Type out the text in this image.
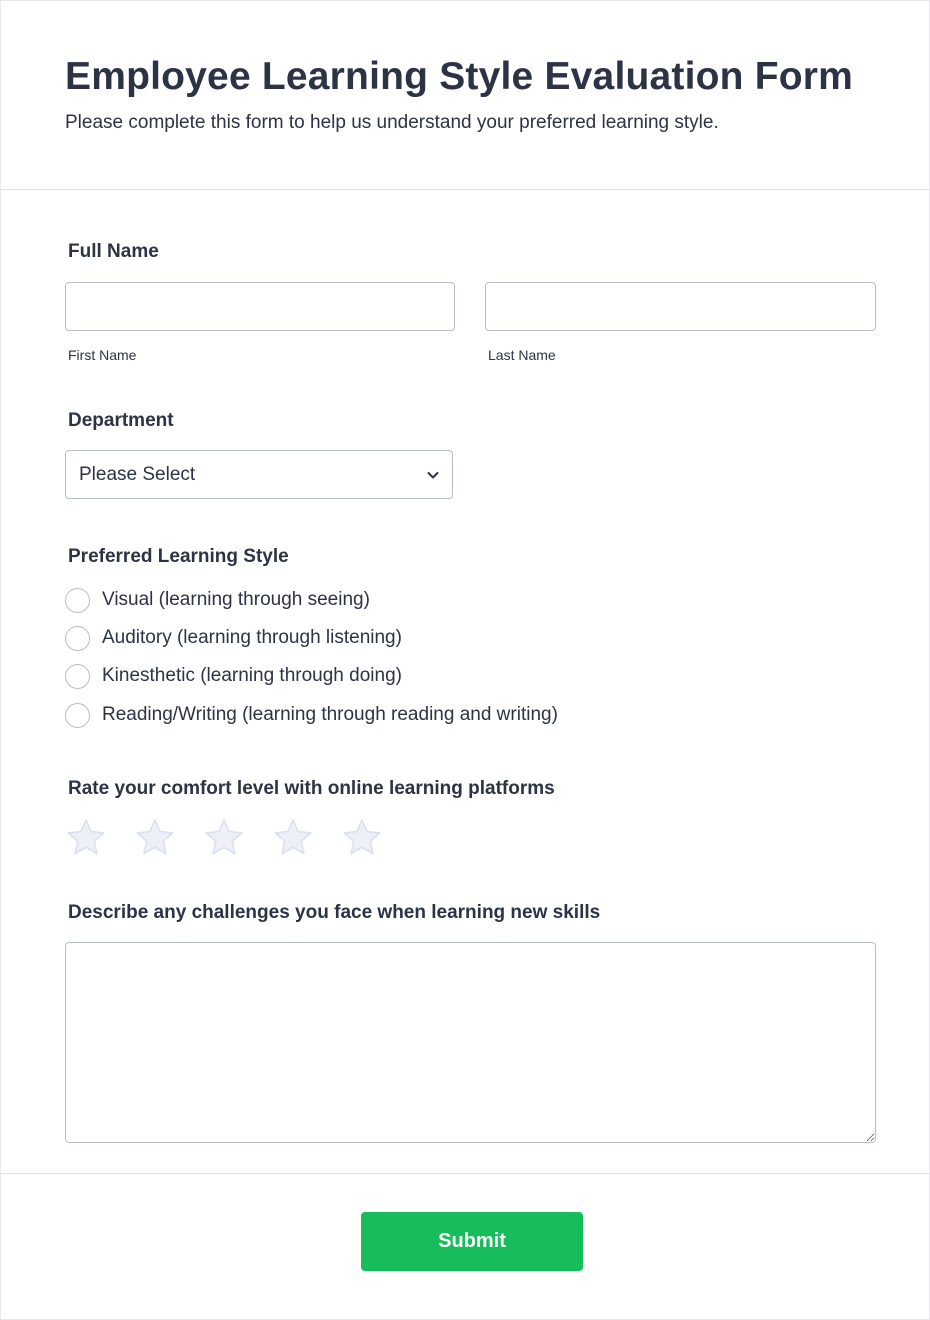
Employee Learning Style Evaluation Form

Please complete this form to help us understand your preferred learning style.

Full Name
First Name	Last Name
Department
Please Select
Preferred Learning Style
Visual (learning through seeing)
Auditory (learning through listening)
Kinesthetic (learning through doing)
Reading/Writing (learning through reading and writing)
Rate your comfort level with online learning platforms
Describe any challenges you face when learning new skills
Submit
